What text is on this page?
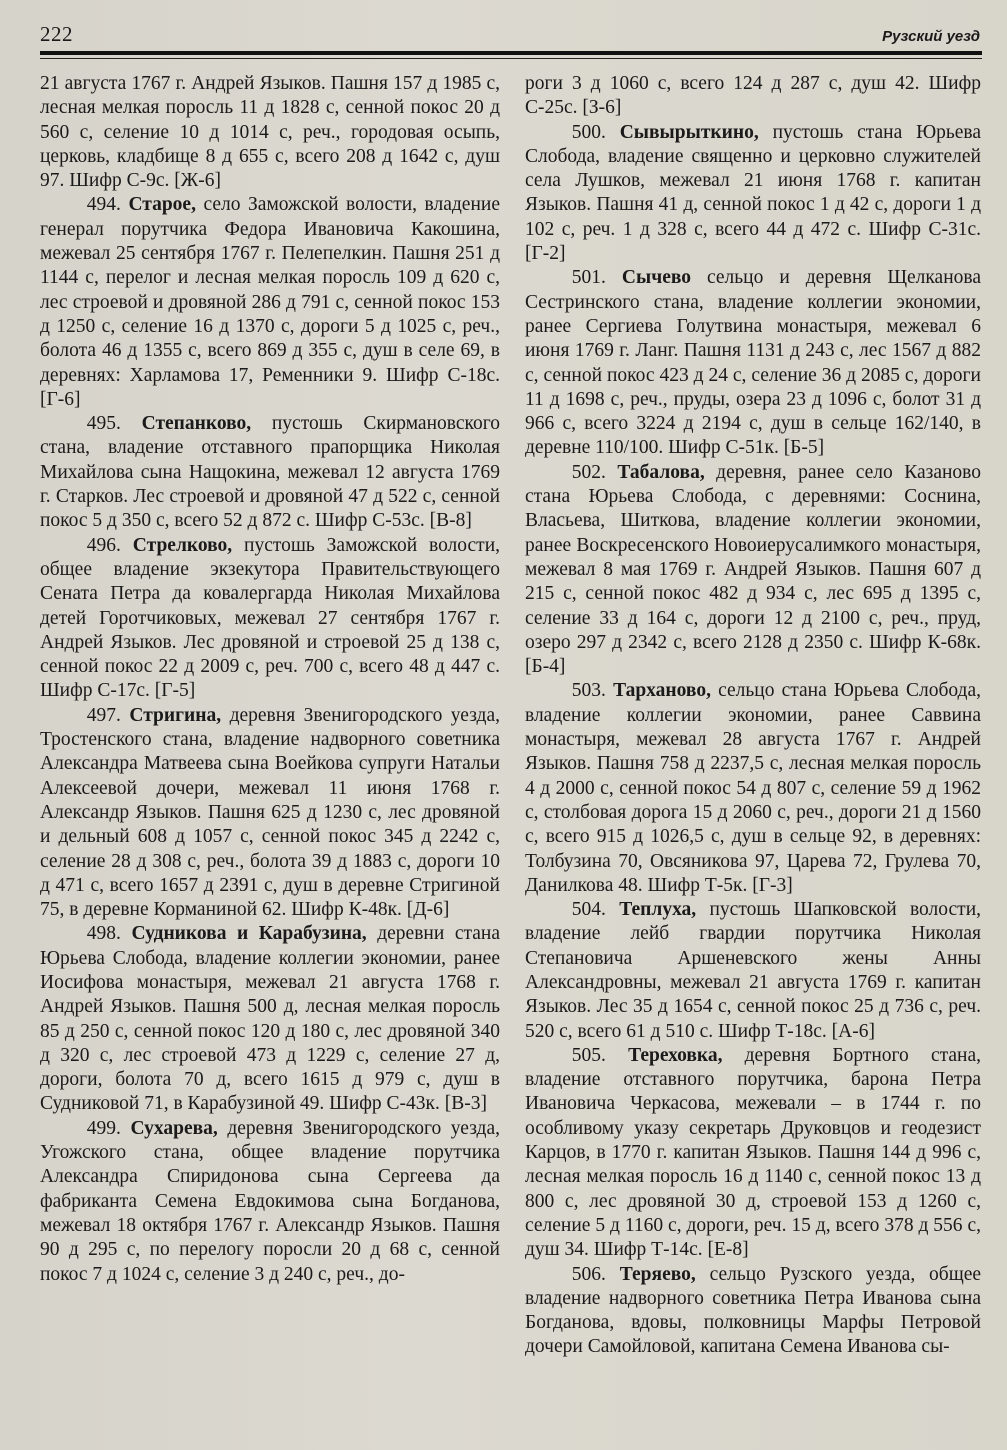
222	Рузский уезд

21 августа 1767 г. Андрей Языков. Пашня 157 д 1985 с, лесная мелкая поросль 11 д 1828 с, сенной покос 20 д 560 с, селение 10 д 1014 с, реч., городовая осыпь, церковь, кладбище 8 д 655 с, всего 208 д 1642 с, душ 97. Шифр С-9с. [Ж-6]

494. Старое, село Заможской волости, владение генерал порутчика Федора Ивановича Какошина, межевал 25 сентября 1767 г. Пелепелкин. Пашня 251 д 1144 с, перелог и лесная мелкая поросль 109 д 620 с, лес строевой и дровяной 286 д 791 с, сенной покос 153 д 1250 с, селение 16 д 1370 с, дороги 5 д 1025 с, реч., болота 46 д 1355 с, всего 869 д 355 с, душ в селе 69, в деревнях: Харламова 17, Ременники 9. Шифр С-18с. [Г-6]

495. Степанково, пустошь Скирмановского стана, владение отставного прапорщика Николая Михайлова сына Нащокина, межевал 12 августа 1769 г. Старков. Лес строевой и дровяной 47 д 522 с, сенной покос 5 д 350 с, всего 52 д 872 с. Шифр С-53с. [В-8]

496. Стрелково, пустошь Заможской волости, общее владение экзекутора Правительствующего Сената Петра да ковалергарда Николая Михайлова детей Горотчиковых, межевал 27 сентября 1767 г. Андрей Языков. Лес дровяной и строевой 25 д 138 с, сенной покос 22 д 2009 с, реч. 700 с, всего 48 д 447 с. Шифр С-17с. [Г-5]

497. Стригина, деревня Звенигородского уезда, Тростенского стана, владение надворного советника Александра Матвеева сына Воейкова супруги Натальи Алексеевой дочери, межевал 11 июня 1768 г. Александр Языков. Пашня 625 д 1230 с, лес дровяной и дельный 608 д 1057 с, сенной покос 345 д 2242 с, селение 28 д 308 с, реч., болота 39 д 1883 с, дороги 10 д 471 с, всего 1657 д 2391 с, душ в деревне Стригиной 75, в деревне Корманиной 62. Шифр К-48к. [Д-6]

498. Судникова и Карабузина, деревни стана Юрьева Слобода, владение коллегии экономии, ранее Иосифова монастыря, межевал 21 августа 1768 г. Андрей Языков. Пашня 500 д, лесная мелкая поросль 85 д 250 с, сенной покос 120 д 180 с, лес дровяной 340 д 320 с, лес строевой 473 д 1229 с, селение 27 д, дороги, болота 70 д, всего 1615 д 979 с, душ в Судниковой 71, в Карабузиной 49. Шифр С-43к. [В-3]

499. Сухарева, деревня Звенигородского уезда, Угожского стана, общее владение порутчика Александра Спиридонова сына Сергеева да фабриканта Семена Евдокимова сына Богданова, межевал 18 октября 1767 г. Александр Языков. Пашня 90 д 295 с, по перелогу поросли 20 д 68 с, сенной покос 7 д 1024 с, селение 3 д 240 с, реч., до-

роги 3 д 1060 с, всего 124 д 287 с, душ 42. Шифр С-25с. [З-6]

500. Сывырыткино, пустошь стана Юрьева Слобода, владение священно и церковно служителей села Лушков, межевал 21 июня 1768 г. капитан Языков. Пашня 41 д, сенной покос 1 д 42 с, дороги 1 д 102 с, реч. 1 д 328 с, всего 44 д 472 с. Шифр С-31с. [Г-2]

501. Сычево сельцо и деревня Щелканова Сестринского стана, владение коллегии экономии, ранее Сергиева Голутвина монастыря, межевал 6 июня 1769 г. Ланг. Пашня 1131 д 243 с, лес 1567 д 882 с, сенной покос 423 д 24 с, селение 36 д 2085 с, дороги 11 д 1698 с, реч., пруды, озера 23 д 1096 с, болот 31 д 966 с, всего 3224 д 2194 с, душ в сельце 162/140, в деревне 110/100. Шифр С-51к. [Б-5]

502. Табалова, деревня, ранее село Казаново стана Юрьева Слобода, с деревнями: Соснина, Власьева, Шиткова, владение коллегии экономии, ранее Воскресенского Новоиерусалимкого монастыря, межевал 8 мая 1769 г. Андрей Языков. Пашня 607 д 215 с, сенной покос 482 д 934 с, лес 695 д 1395 с, селение 33 д 164 с, дороги 12 д 2100 с, реч., пруд, озеро 297 д 2342 с, всего 2128 д 2350 с. Шифр К-68к. [Б-4]

503. Тарханово, сельцо стана Юрьева Слобода, владение коллегии экономии, ранее Саввина монастыря, межевал 28 августа 1767 г. Андрей Языков. Пашня 758 д 2237,5 с, лесная мелкая поросль 4 д 2000 с, сенной покос 54 д 807 с, селение 59 д 1962 с, столбовая дорога 15 д 2060 с, реч., дороги 21 д 1560 с, всего 915 д 1026,5 с, душ в сельце 92, в деревнях: Толбузина 70, Овсяникова 97, Царева 72, Грулева 70, Данилкова 48. Шифр Т-5к. [Г-3]

504. Теплуха, пустошь Шапковской волости, владение лейб гвардии порутчика Николая Степановича Аршеневского жены Анны Александровны, межевал 21 августа 1769 г. капитан Языков. Лес 35 д 1654 с, сенной покос 25 д 736 с, реч. 520 с, всего 61 д 510 с. Шифр Т-18с. [А-6]

505. Тереховка, деревня Бортного стана, владение отставного порутчика, барона Петра Ивановича Черкасова, межевали – в 1744 г. по особливому указу секретарь Друковцов и геодезист Карцов, в 1770 г. капитан Языков. Пашня 144 д 996 с, лесная мелкая поросль 16 д 1140 с, сенной покос 13 д 800 с, лес дровяной 30 д, строевой 153 д 1260 с, селение 5 д 1160 с, дороги, реч. 15 д, всего 378 д 556 с, душ 34. Шифр Т-14с. [Е-8]

506. Теряево, сельцо Рузского уезда, общее владение надворного советника Петра Иванова сына Богданова, вдовы, полковницы Марфы Петровой дочери Самойловой, капитана Семена Иванова сы-
